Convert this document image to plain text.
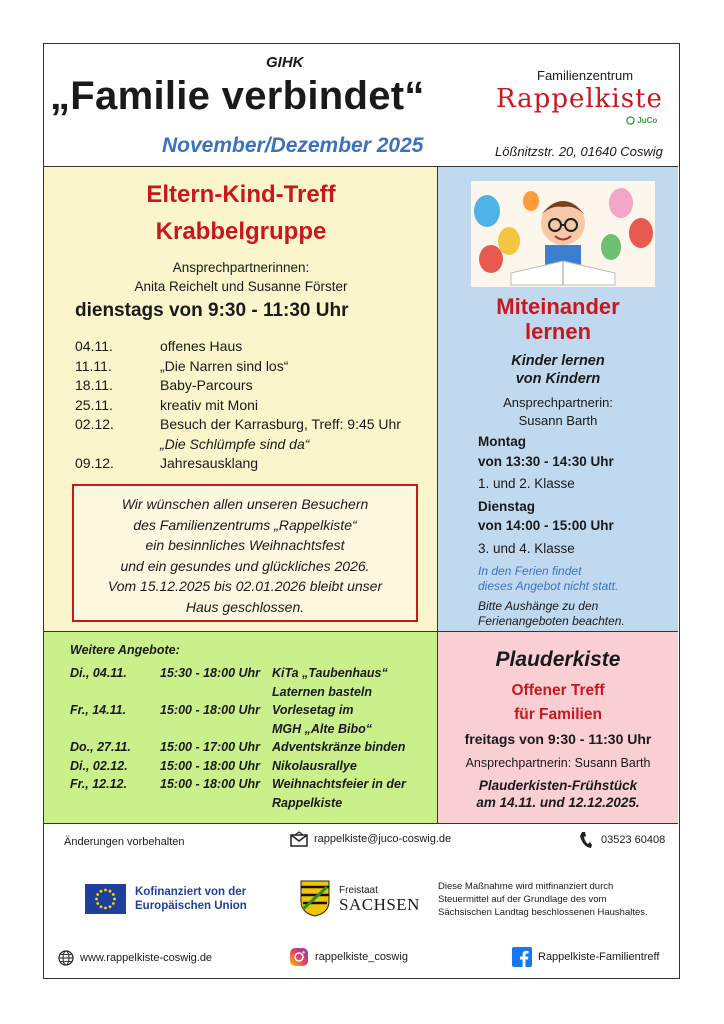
GIHK
„Familie verbindet“
November/Dezember 2025
Familienzentrum
Rappelkiste
JuCo
Lößnitzstr. 20, 01640 Coswig
Eltern-Kind-Treff
Krabbelgruppe
Ansprechpartnerinnen:
Anita Reichelt und Susanne Förster
dienstags von 9:30 - 11:30 Uhr
04.11.	offenes Haus
11.11.	„Die Narren sind los“
18.11.	Baby-Parcours
25.11.	kreativ mit Moni
02.12.	Besuch der Karrasburg, Treff: 9:45 Uhr
„Die Schlümpfe sind da“
09.12.	Jahresausklang
Wir wünschen allen unseren Besuchern
des Familienzentrums „Rappelkiste“
ein besinnliches Weihnachtsfest
und ein gesundes und glückliches 2026.
Vom 15.12.2025 bis 02.01.2026 bleibt unser
Haus geschlossen.
Miteinander
lernen
Kinder lernen
von Kindern
Ansprechpartnerin:
Susann Barth
Montag
von 13:30 - 14:30 Uhr
1. und 2. Klasse
Dienstag
von 14:00 - 15:00 Uhr
3. und 4. Klasse
In den Ferien findet
dieses Angebot nicht statt.
Bitte Aushänge zu den
Ferienangeboten beachten.
Weitere Angebote:
Di., 04.11.	15:30 - 18:00 Uhr KiTa „Taubenhaus“
Laternen basteln
Fr., 14.11.	15:00 - 18:00 Uhr Vorlesetag im
MGH „Alte Bibo“
Do., 27.11.	15:00 - 17:00 Uhr Adventskränze binden
Di., 02.12.	15:00 - 18:00 Uhr Nikolausrallye
Fr., 12.12.	15:00 - 18:00 Uhr Weihnachtsfeier in der
Rappelkiste
Plauderkiste
Offener Treff
für Familien
freitags von 9:30 - 11:30 Uhr
Ansprechpartnerin: Susann Barth
Plauderkisten-Frühstück
am 14.11. und 12.12.2025.
Änderungen vorbehalten	rappelkiste@juco-coswig.de	03523 60408
Kofinanziert von der
Europäischen Union
Freistaat
SACHSEN
Diese Maßnahme wird mitfinanziert durch
Steuermittel auf der Grundlage des vom
Sächsischen Landtag beschlossenen Haushaltes.
www.rappelkiste-coswig.de	rappelkiste_coswig	Rappelkiste-Familientreff
